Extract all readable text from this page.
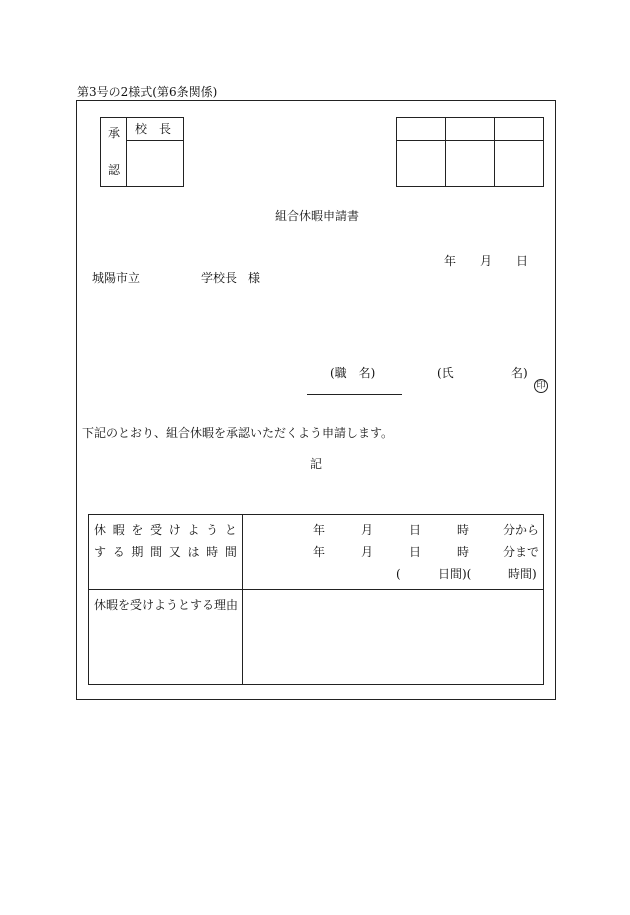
第3号の2様式(第6条関係)
承
認
校　長
組合休暇申請書
年 月 日
城陽市立	学校長 様
(職　名)	(氏	名)
印
下記のとおり、組合休暇を承認いただくよう申請します。
記
休 暇 を 受 け よ う と
す る 期 間 又 は 時 間
年	月	日	時	分から
年	月	日	時	分まで
(	日間)(	時間)
休暇を受けようとする理由
